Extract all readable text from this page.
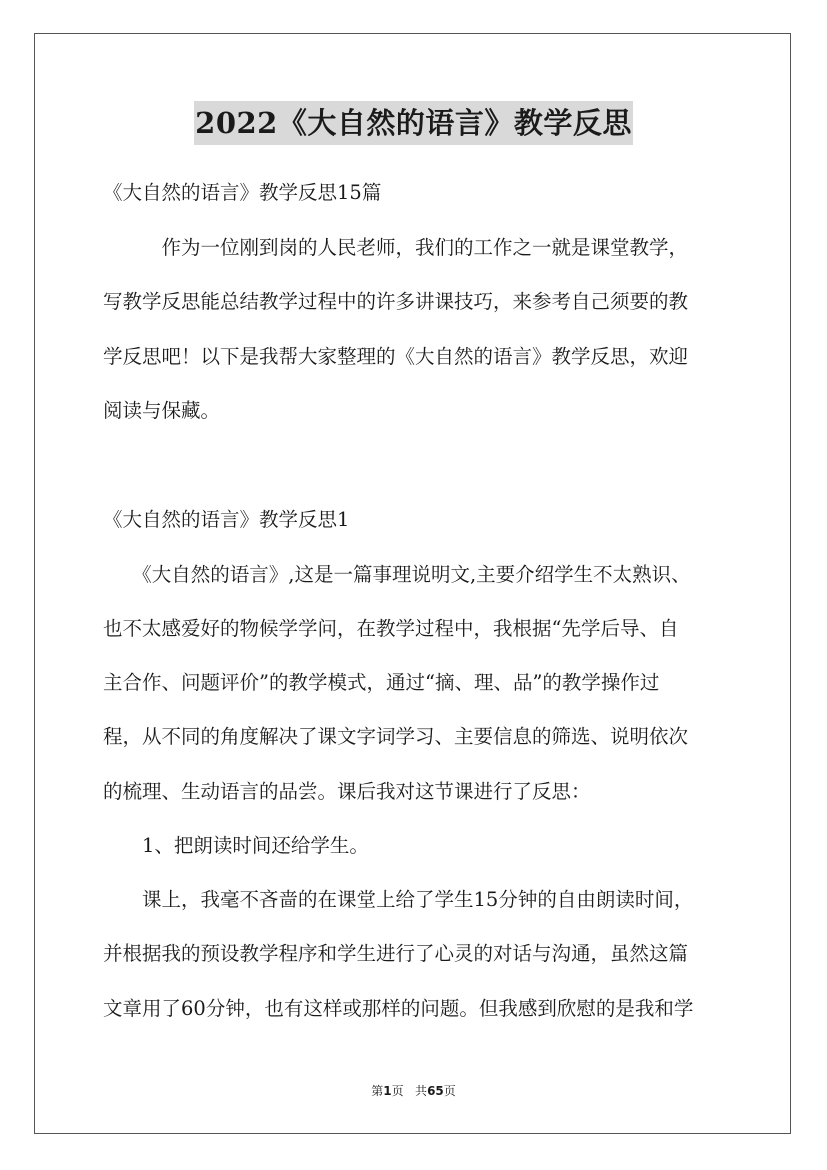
2022《大自然的语言》教学反思
《大自然的语言》教学反思15篇
　　　作为一位刚到岗的人民老师，我们的工作之一就是课堂教学，
写教学反思能总结教学过程中的许多讲课技巧，来参考自己须要的教
学反思吧！以下是我帮大家整理的《大自然的语言》教学反思，欢迎
阅读与保藏。
《大自然的语言》教学反思1
　　《大自然的语言》,这是一篇事理说明文,主要介绍学生不太熟识、
也不太感爱好的物候学学问，在教学过程中，我根据“先学后导、自
主合作、问题评价”的教学模式，通过“摘、理、品”的教学操作过
程，从不同的角度解决了课文字词学习、主要信息的筛选、说明依次
的梳理、生动语言的品尝。课后我对这节课进行了反思：
　　1、把朗读时间还给学生。
　　课上，我毫不吝啬的在课堂上给了学生15分钟的自由朗读时间，
并根据我的预设教学程序和学生进行了心灵的对话与沟通，虽然这篇
文章用了60分钟，也有这样或那样的问题。但我感到欣慰的是我和学
第1页 共65页
